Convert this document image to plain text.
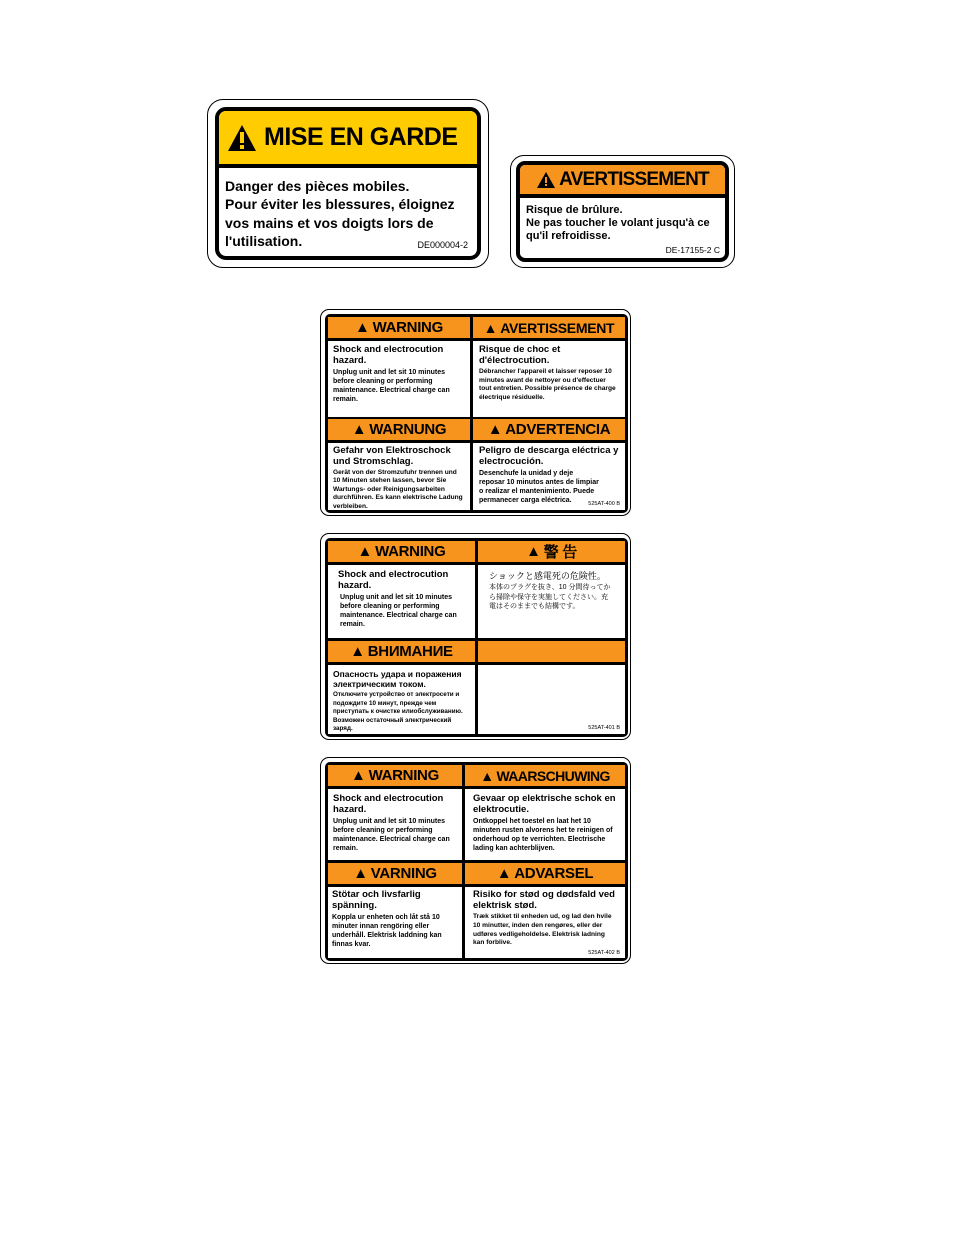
MISE EN GARDE
Danger des pièces mobiles.
Pour éviter les blessures, éloignez vos mains et vos doigts lors de l'utilisation.	DE000004-2
AVERTISSEMENT
Risque de brûlure.
Ne pas toucher le volant jusqu'à ce qu'il refroidisse.
DE-17155-2 C
▲ WARNING	▲ AVERTISSEMENT
Shock and electrocution hazard.
Unplug unit and let sit 10 minutes before cleaning or performing maintenance. Electrical charge can remain.
Risque de choc et d'électrocution.
Débrancher l'appareil et laisser reposer 10 minutes avant de nettoyer ou d'effectuer tout entretien. Possible présence de charge électrique résiduelle.
▲ WARNUNG	▲ ADVERTENCIA
Gefahr von Elektroschock und Stromschlag.
Gerät von der Stromzufuhr trennen und 10 Minuten stehen lassen, bevor Sie Wartungs- oder Reinigungsarbeiten durchführen. Es kann elektrische Ladung verbleiben.
Peligro de descarga eléctrica y electrocución.
Desenchufe la unidad y deje reposar 10 minutos antes de limpiar o realizar el mantenimiento. Puede permanecer carga eléctrica.	525AT-400 B
▲ WARNING	▲ 警 告
Shock and electrocution hazard.
Unplug unit and let sit 10 minutes before cleaning or performing maintenance. Electrical charge can remain.
ショックと感電死の危険性。
本体のプラグを抜き、10 分間待ってから掃除や保守を実施してください。充電はそのままでも結構です。
▲ ВНИМАНИЕ
Опасность удара и поражения электрическим током.
Отключите устройство от электросети и подождите 10 минут, прежде чем приступать к очистке илиобслуживанию. Возможен остаточный электрический заряд.	525AT-401 B
▲ WARNING	▲ WAARSCHUWING
Shock and electrocution hazard.
Unplug unit and let sit 10 minutes before cleaning or performing maintenance. Electrical charge can remain.
Gevaar op elektrische schok en elektrocutie.
Ontkoppel het toestel en laat het 10 minuten rusten alvorens het te reinigen of onderhoud op te verrichten. Electrische lading kan achterblijven.
▲ VARNING	▲ ADVARSEL
Stötar och livsfarlig spänning.
Koppla ur enheten och låt stå 10 minuter innan rengöring eller underhåll. Elektrisk laddning kan finnas kvar.
Risiko for stød og dødsfald ved elektrisk stød.
Træk stikket til enheden ud, og lad den hvile 10 minutter, inden den rengøres, eller der udføres vedligeholdelse. Elektrisk ladning kan forblive.
525AT-402 B
